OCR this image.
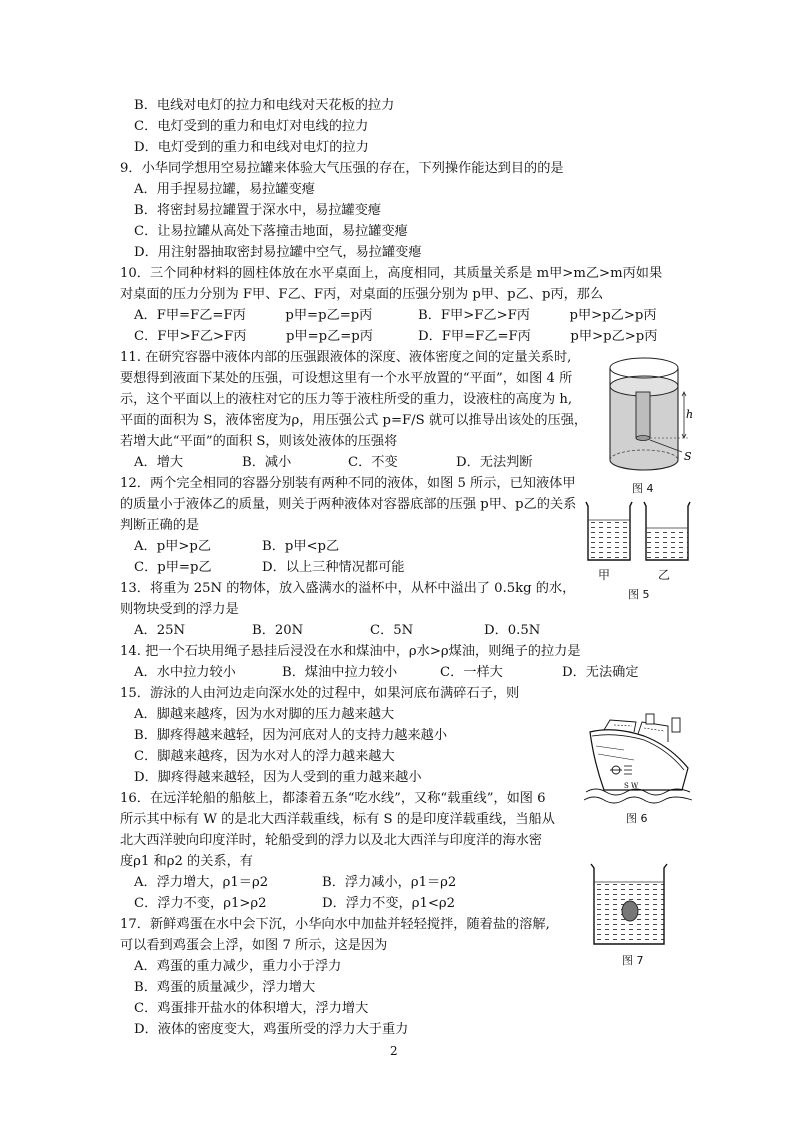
B．电线对电灯的拉力和电线对天花板的拉力
C．电灯受到的重力和电灯对电线的拉力
D．电灯受到的重力和电线对电灯的拉力
9．小华同学想用空易拉罐来体验大气压强的存在，下列操作能达到目的的是
A．用手捏易拉罐，易拉罐变瘪
B．将密封易拉罐置于深水中，易拉罐变瘪
C．让易拉罐从高处下落撞击地面，易拉罐变瘪
D．用注射器抽取密封易拉罐中空气，易拉罐变瘪
10．三个同种材料的圆柱体放在水平桌面上，高度相同，其质量关系是 m甲>m乙>m丙如果
对桌面的压力分别为 F甲、F乙、F丙，对桌面的压强分别为 p甲、p乙、p丙，那么
A．F甲=F乙=F丙　　　p甲=p乙=p丙	B．F甲>F乙>F丙　　　p甲>p乙>p丙
C．F甲>F乙>F丙　　　p甲=p乙=p丙	D．F甲=F乙=F丙　　　p甲>p乙>p丙
11. 在研究容器中液体内部的压强跟液体的深度、液体密度之间的定量关系时,
要想得到液面下某处的压强，可设想这里有一个水平放置的“平面”，如图 4 所
示，这个平面以上的液柱对它的压力等于液柱所受的重力，设液柱的高度为 h,
平面的面积为 S，液体密度为ρ，用压强公式 p=F/S 就可以推导出该处的压强，
若增大此“平面”的面积 S，则该处液体的压强将
A．增大	B．减小	C．不变	D．无法判断
h
S
图 4
12．两个完全相同的容器分别装有两种不同的液体，如图 5 所示，已知液体甲
的质量小于液体乙的质量，则关于两种液体对容器底部的压强 p甲、p乙的关系
判断正确的是
A．p甲>p乙	B．p甲<p乙
C．p甲=p乙	D．以上三种情况都可能	甲	乙
图 5
13．将重为 25N 的物体，放入盛满水的溢杯中，从杯中溢出了 0.5kg 的水，
则物块受到的浮力是
A．25N	B．20N	C．5N	D．0.5N
14. 把一个石块用绳子悬挂后浸没在水和煤油中，ρ水>ρ煤油，则绳子的拉力是
A．水中拉力较小	B．煤油中拉力较小	C．一样大	D．无法确定
15．游泳的人由河边走向深水处的过程中，如果河底布满碎石子，则
A．脚越来越疼，因为水对脚的压力越来越大
B．脚疼得越来越轻，因为河底对人的支持力越来越小
C．脚越来越疼，因为水对人的浮力越来越大
D．脚疼得越来越轻，因为人受到的重力越来越小
S W
图 6
16．在远洋轮船的船舷上，都漆着五条“吃水线”，又称“载重线”，如图 6
所示其中标有 W 的是北大西洋载重线，标有 S 的是印度洋载重线，当船从
北大西洋驶向印度洋时，轮船受到的浮力以及北大西洋与印度洋的海水密
度ρ1 和ρ2 的关系，有
A．浮力增大，ρ1＝ρ2	B．浮力减小，ρ1＝ρ2
C．浮力不变，ρ1>ρ2	D．浮力不变，ρ1<ρ2
图 7
17．新鲜鸡蛋在水中会下沉，小华向水中加盐并轻轻搅拌，随着盐的溶解,
可以看到鸡蛋会上浮，如图 7 所示，这是因为
A．鸡蛋的重力减少，重力小于浮力
B．鸡蛋的质量减少，浮力增大
C．鸡蛋排开盐水的体积增大，浮力增大
D．液体的密度变大，鸡蛋所受的浮力大于重力
2
